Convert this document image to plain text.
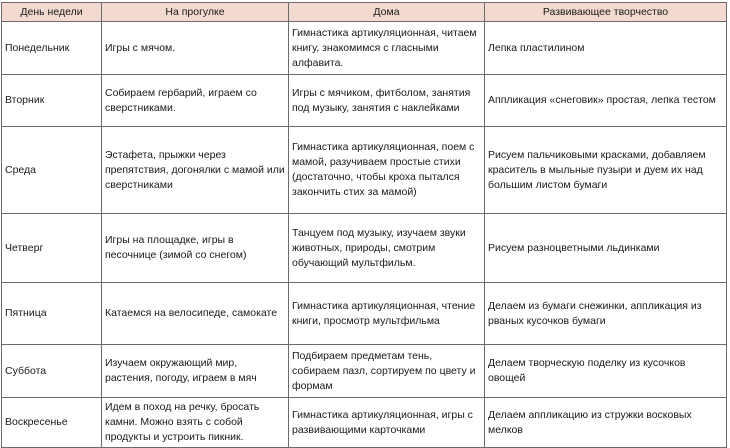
День недели	На прогулке	Дома	Развивающее творчество
Понедельник	Игры с мячом.	Гимнастика артикуляционная, читаем книгу, знакомимся с гласными алфавита.	Лепка пластилином
Вторник	Собираем гербарий, играем со сверстниками.	Игры с мячиком, фитболом, занятия под музыку, занятия с наклейками	Аппликация «снеговик» простая, лепка тестом
Среда	Эстафета, прыжки через препятствия, догонялки с мамой или сверстниками	Гимнастика артикуляционная, поем с мамой, разучиваем простые стихи (достаточно, чтобы кроха пытался закончить стих за мамой)	Рисуем пальчиковыми красками, добавляем краситель в мыльные пузыри и дуем их над большим листом бумаги
Четверг	Игры на площадке, игры в песочнице (зимой со снегом)	Танцуем под музыку, изучаем звуки животных, природы, смотрим обучающий мультфильм.	Рисуем разноцветными льдинками
Пятница	Катаемся на велосипеде, самокате	Гимнастика артикуляционная, чтение книги, просмотр мультфильма	Делаем из бумаги снежинки, аппликация из рваных кусочков бумаги
Суббота	Изучаем окружающий мир, растения, погоду, играем в мяч	Подбираем предметам тень, собираем пазл, сортируем по цвету и формам	Делаем творческую поделку из кусочков овощей
Воскресенье	Идем в поход на речку, бросать камни. Можно взять с собой продукты и устроить пикник.	Гимнастика артикуляционная, игры с развивающими карточками	Делаем аппликацию из стружки восковых мелков
